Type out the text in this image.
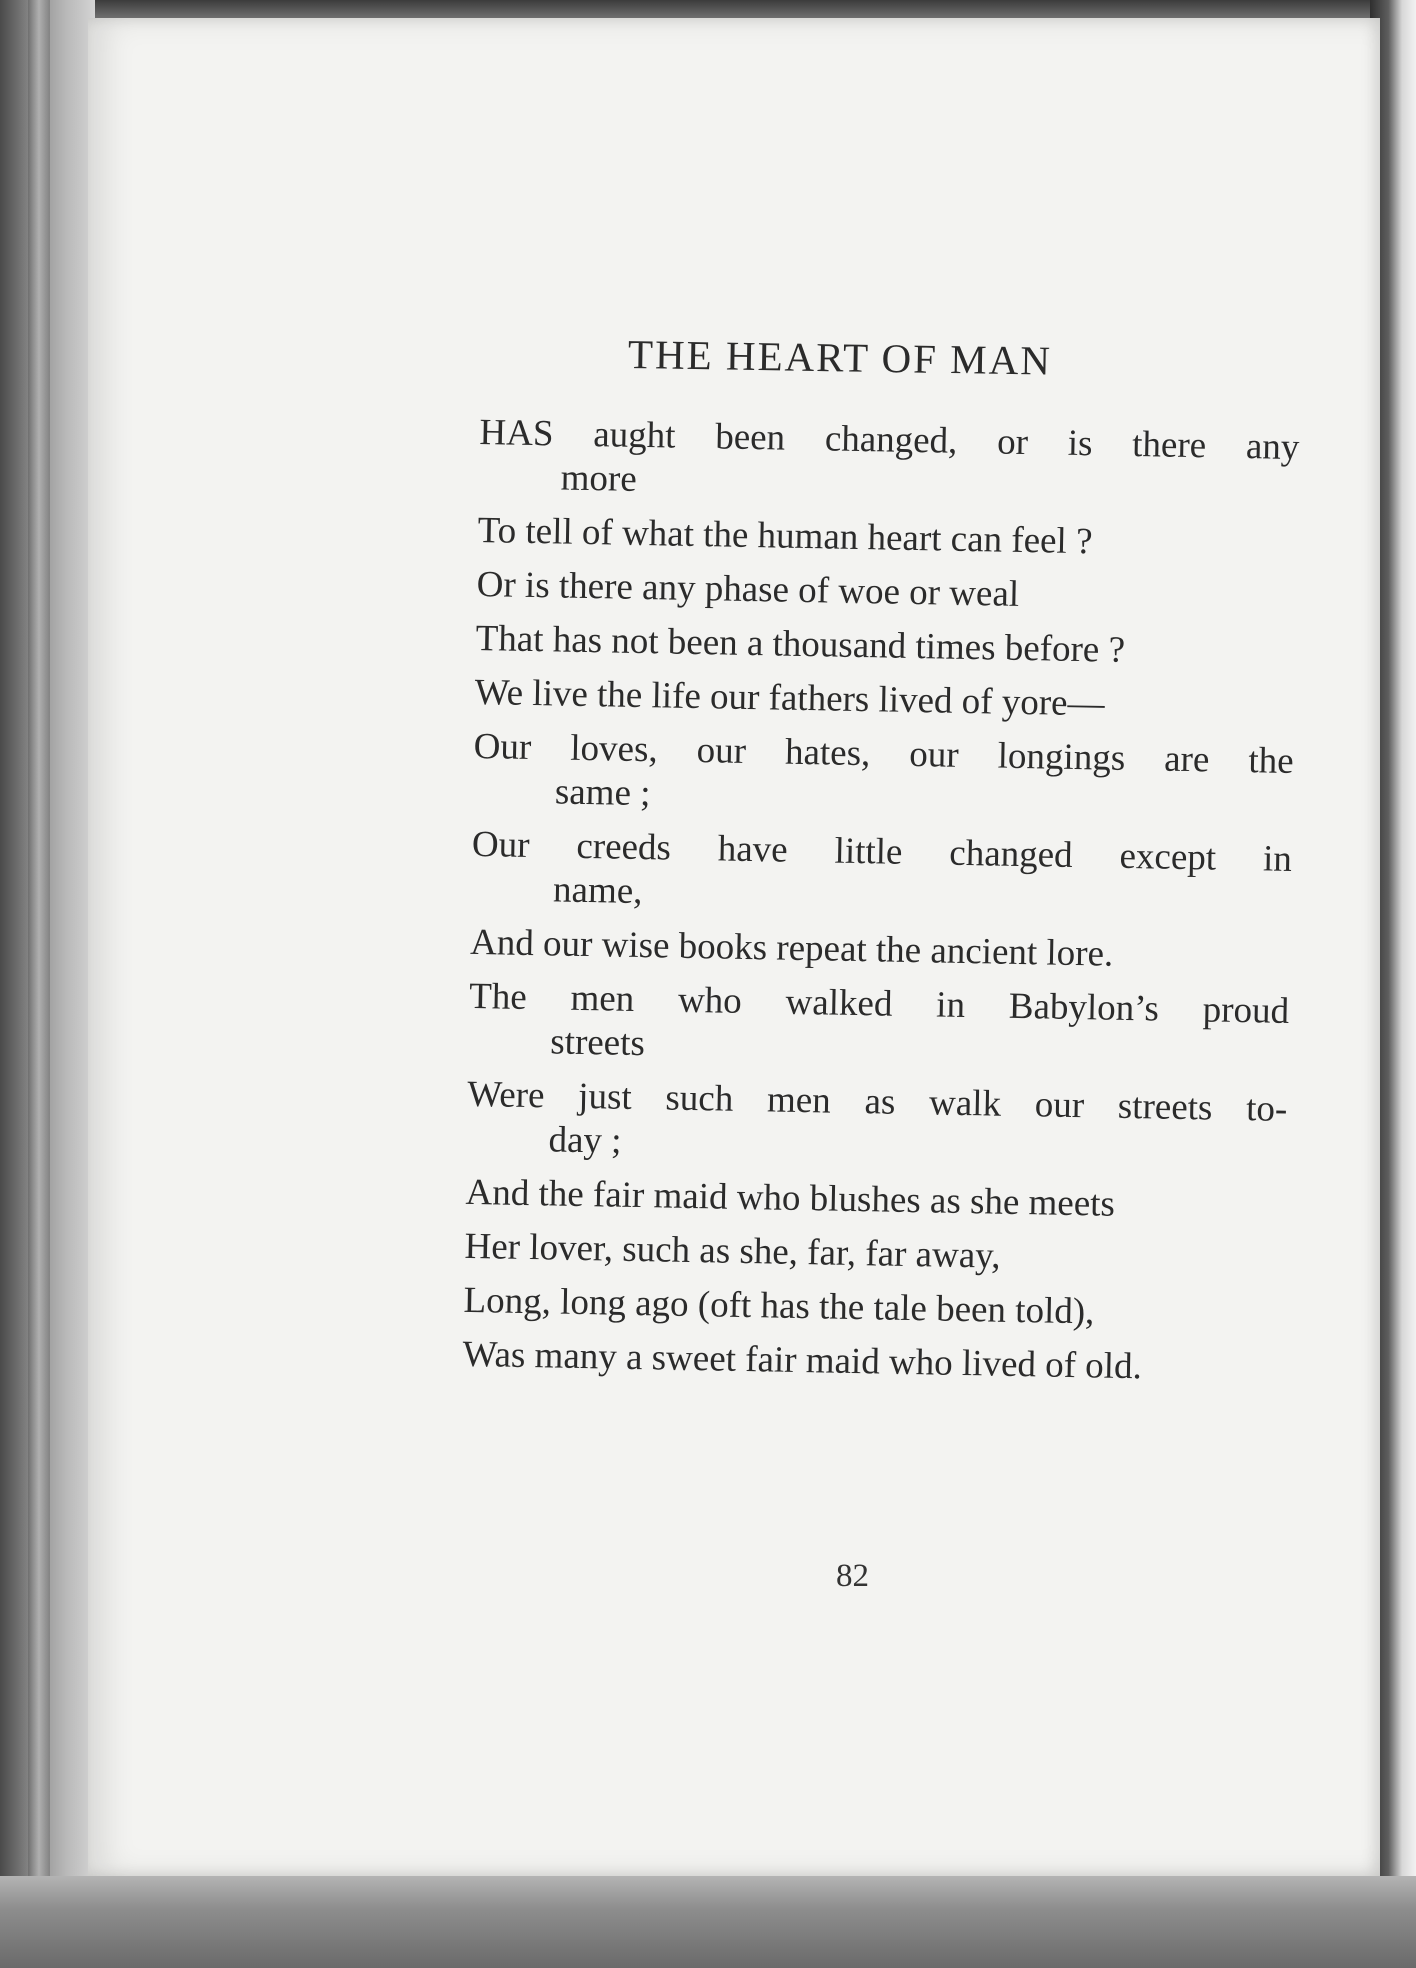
THE HEART OF MAN
HAS aught been changed, or is there any
more
To tell of what the human heart can feel ?
Or is there any phase of woe or weal
That has not been a thousand times before ?
We live the life our fathers lived of yore—
Our loves, our hates, our longings are the
same ;
Our creeds have little changed except in
name,
And our wise books repeat the ancient lore.
The men who walked in Babylon’s proud
streets
Were just such men as walk our streets to-
day ;
And the fair maid who blushes as she meets
Her lover, such as she, far, far away,
Long, long ago (oft has the tale been told),
Was many a sweet fair maid who lived of old.
82
